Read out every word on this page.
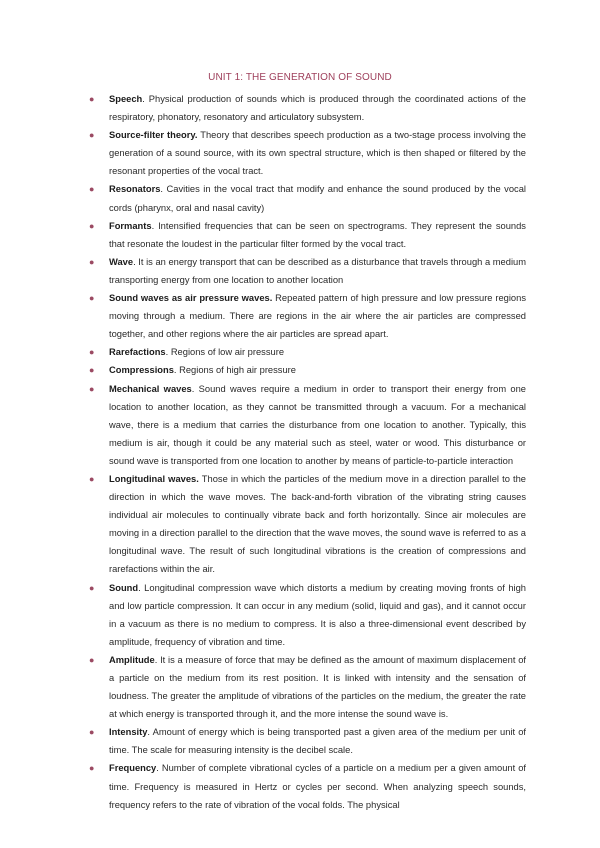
UNIT 1: THE GENERATION OF SOUND
●	Speech. Physical production of sounds which is produced through the coordinated actions of the respiratory, phonatory, resonatory and articulatory subsystem.
●	Source-filter theory. Theory that describes speech production as a two-stage process involving the generation of a sound source, with its own spectral structure, which is then shaped or filtered by the resonant properties of the vocal tract.
●	Resonators. Cavities in the vocal tract that modify and enhance the sound produced by the vocal cords (pharynx, oral and nasal cavity)
●	Formants. Intensified frequencies that can be seen on spectrograms. They represent the sounds that resonate the loudest in the particular filter formed by the vocal tract.
●	Wave. It is an energy transport that can be described as a disturbance that travels through a medium transporting energy from one location to another location
●	Sound waves as air pressure waves. Repeated pattern of high pressure and low pressure regions moving through a medium. There are regions in the air where the air particles are compressed together, and other regions where the air particles are spread apart.
●	Rarefactions. Regions of low air pressure
●	Compressions. Regions of high air pressure
●	Mechanical waves. Sound waves require a medium in order to transport their energy from one location to another location, as they cannot be transmitted through a vacuum. For a mechanical wave, there is a medium that carries the disturbance from one location to another. Typically, this medium is air, though it could be any material such as steel, water or wood. This disturbance or sound wave is transported from one location to another by means of particle-to-particle interaction
●	Longitudinal waves. Those in which the particles of the medium move in a direction parallel to the direction in which the wave moves. The back-and-forth vibration of the vibrating string causes individual air molecules to continually vibrate back and forth horizontally. Since air molecules are moving in a direction parallel to the direction that the wave moves, the sound wave is referred to as a longitudinal wave. The result of such longitudinal vibrations is the creation of compressions and rarefactions within the air.
●	Sound. Longitudinal compression wave which distorts a medium by creating moving fronts of high and low particle compression. It can occur in any medium (solid, liquid and gas), and it cannot occur in a vacuum as there is no medium to compress. It is also a three-dimensional event described by amplitude, frequency of vibration and time.
●	Amplitude. It is a measure of force that may be defined as the amount of maximum displacement of a particle on the medium from its rest position. It is linked with intensity and the sensation of loudness. The greater the amplitude of vibrations of the particles on the medium, the greater the rate at which energy is transported through it, and the more intense the sound wave is.
●	Intensity. Amount of energy which is being transported past a given area of the medium per unit of time. The scale for measuring intensity is the decibel scale.
●	Frequency. Number of complete vibrational cycles of a particle on a medium per a given amount of time. Frequency is measured in Hertz or cycles per second. When analyzing speech sounds, frequency refers to the rate of vibration of the vocal folds. The physical
